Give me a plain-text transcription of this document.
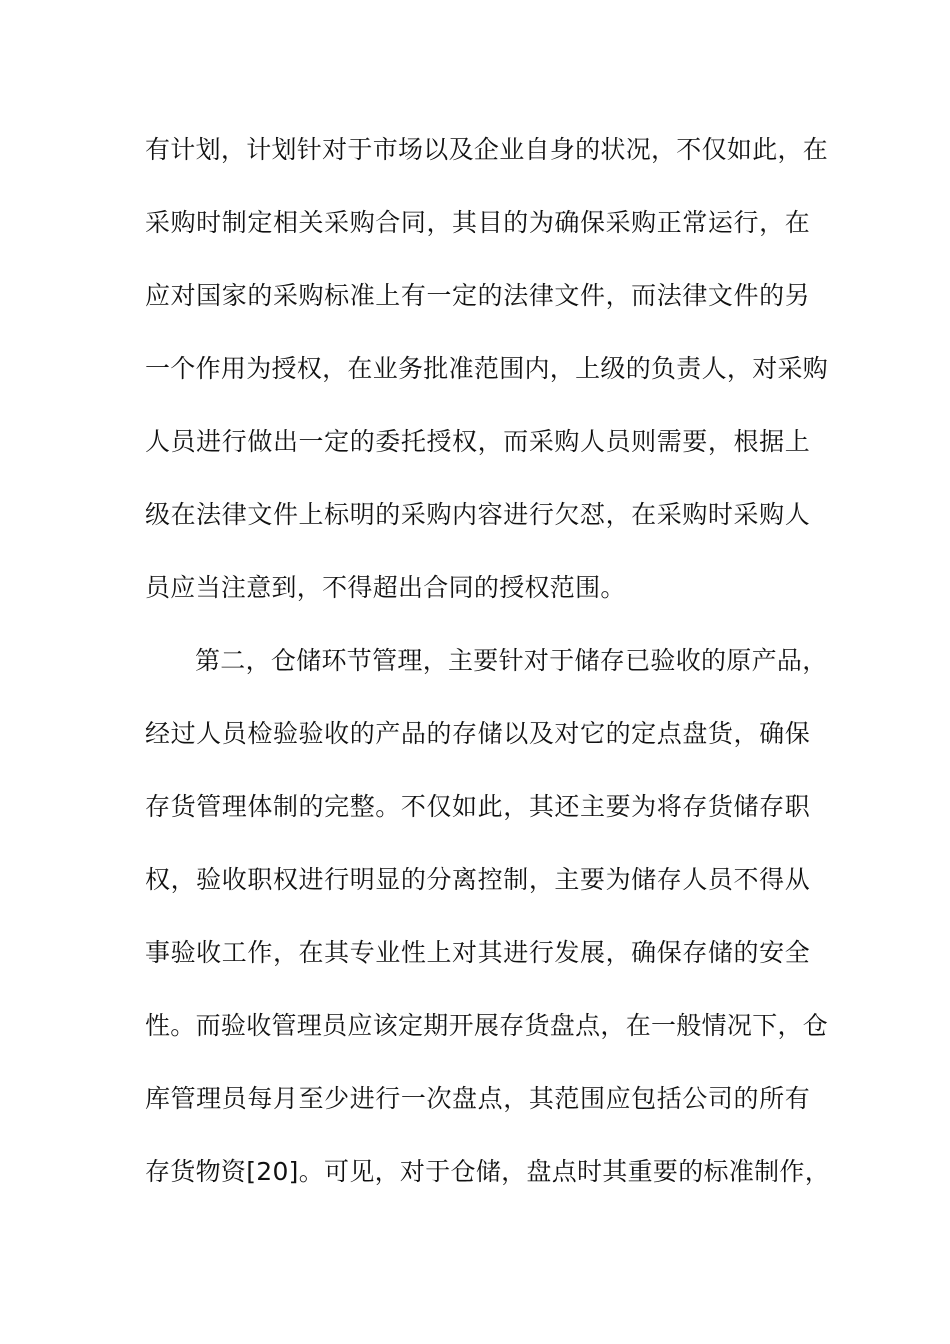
有计划，计划针对于市场以及企业自身的状况，不仅如此，在
采购时制定相关采购合同，其目的为确保采购正常运行，在
应对国家的采购标准上有一定的法律文件，而法律文件的另
一个作用为授权，在业务批准范围内，上级的负责人，对采购
人员进行做出一定的委托授权，而采购人员则需要，根据上
级在法律文件上标明的采购内容进行欠怼，在采购时采购人
员应当注意到，不得超出合同的授权范围。
第二，仓储环节管理，主要针对于储存已验收的原产品，
经过人员检验验收的产品的存储以及对它的定点盘货，确保
存货管理体制的完整。不仅如此，其还主要为将存货储存职
权，验收职权进行明显的分离控制，主要为储存人员不得从
事验收工作，在其专业性上对其进行发展，确保存储的安全
性。而验收管理员应该定期开展存货盘点，在一般情况下，仓
库管理员每月至少进行一次盘点，其范围应包括公司的所有
存货物资[20]。可见，对于仓储，盘点时其重要的标准制作，
